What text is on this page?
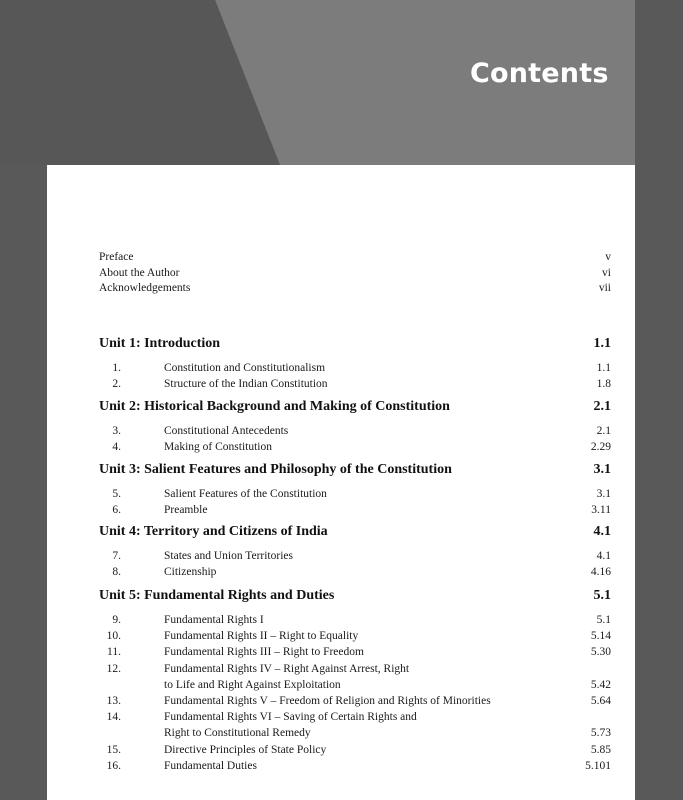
Contents
Preface	v
About the Author	vi
Acknowledgements	vii
Unit 1: Introduction	1.1
1.	Constitution and Constitutionalism	1.1
2.	Structure of the Indian Constitution	1.8
Unit 2: Historical Background and Making of Constitution	2.1
3.	Constitutional Antecedents	2.1
4.	Making of Constitution	2.29
Unit 3: Salient Features and Philosophy of the Constitution	3.1
5.	Salient Features of the Constitution	3.1
6.	Preamble	3.11
Unit 4: Territory and Citizens of India	4.1
7.	States and Union Territories	4.1
8.	Citizenship	4.16
Unit 5: Fundamental Rights and Duties	5.1
9.	Fundamental Rights I	5.1
10.	Fundamental Rights II – Right to Equality	5.14
11.	Fundamental Rights III – Right to Freedom	5.30
12.	Fundamental Rights IV – Right Against Arrest, Right
to Life and Right Against Exploitation	5.42
13.	Fundamental Rights V – Freedom of Religion and Rights of Minorities	5.64
14.	Fundamental Rights VI – Saving of Certain Rights and
Right to Constitutional Remedy	5.73
15.	Directive Principles of State Policy	5.85
16.	Fundamental Duties	5.101
